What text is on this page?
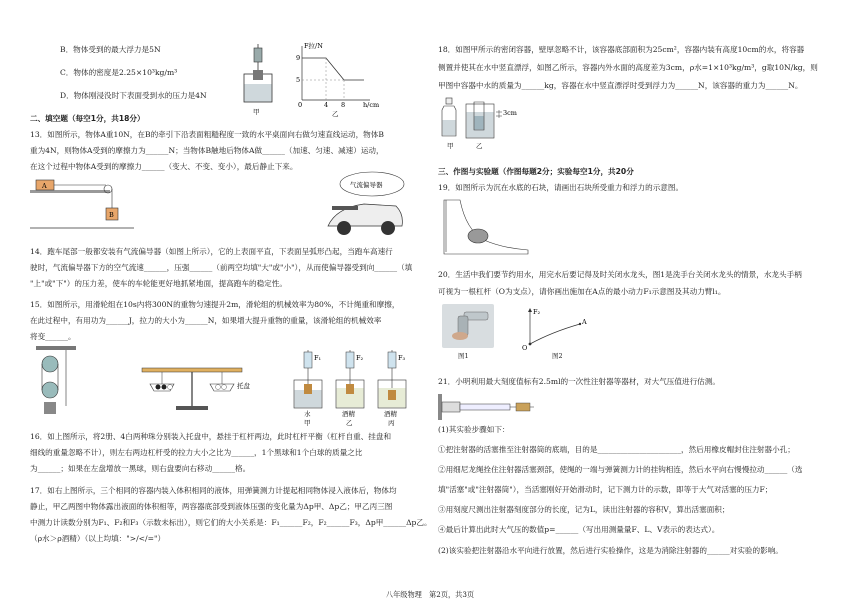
B．物体受到的最大浮力是5N
C．物体的密度是2.25×10³kg/m³
D．物体刚浸没时下表面受到水的压力是4N
甲
F拉/N
9
5
0	4 8	h/cm
乙
二、填空题（每空1分，共18分）
13．如图所示，物体A重10N，在B的牵引下沿表面粗糙程度一致的水平桌面向右做匀速直线运动，物体B
重为4N，则物体A受到的摩擦力为______N；当物体B触地后物体A做______（加速、匀速、减速）运动，
在这个过程中物体A受到的摩擦力______（变大、不变、变小），最后静止下来。
A
B
气流偏导器
14．跑车尾部一般都安装有气流偏导器（如图上所示），它的上表面平直，下表面呈弧形凸起，当跑车高速行
驶时，气流偏导器下方的空气流速______，压强______（前两空均填"大"或"小"），从而使偏导器受到向______（填
"上"或"下"）的压力差，使车的车轮能更好地抓紧地面，提高跑车的稳定性。
15．如图所示，用滑轮组在10s内将300N的重物匀速提升2m，滑轮组的机械效率为80%，不计绳重和摩擦，
在此过程中，有用功为______J，拉力的大小为______N，如果增大提升重物的重量，该滑轮组的机械效率
将变______。
托盘
F₁
水
甲
F₂
酒精
乙
F₃
酒精
丙
16．如上图所示，将2册、4白两种珠分别装入托盘中，悬挂于杠杆两边，此时杠杆平衡（杠杆自重、挂盘和
细线的重量忽略不计），则左右两边杠杆受的拉力大小之比为______，1个黑球和1个白球的质量之比
为______；如果在左盘增放一黑球，则右盘要向右移动______格。
17．如右上图所示，三个相同的容器内装入体积相同的液体，用弹簧测力计提起相同物体浸入液体后，物体均
静止，甲乙两图中物体露出液面的体积相等，两容器底部受到液体压强的变化量为Δp甲、Δp乙；甲乙丙三图
中测力计读数分别为F₁、F₂和F₃（示数未标出），则它们的大小关系是：F₁______F₂，F₂______F₃，Δp甲______Δp乙。
（ρ水＞ρ酒精）（以上均填：">/</="）
18．如图甲所示的密闭容器，壁厚忽略不计，该容器底部面积为25cm²，容器内装有高度10cm的水，将容器
侧置并使其在水中竖直漂浮，如图乙所示，容器内外水面的高度差为3cm，ρ水=1×10³kg/m³，g取10N/kg，则
甲图中容器中水的质量为______kg，容器在水中竖直漂浮时受到浮力为______N，该容器的重力为______N。
甲
3cm
乙
三、作图与实验题（作图每题2分；实验每空1分，共20分
19．如图所示为沉在水底的石块，请画出石块所受重力和浮力的示意图。
20．生活中我们要节约用水，用完水后要记得及时关闭水龙头，图1是洗手台关闭水龙头的情景，水龙头手柄
可视为一根杠杆（O为支点），请你画出施加在A点的最小动力F₁示意图及其动力臂l₁。
图1
F₂
O
A
图2
21．小明利用最大刻度值标有2.5ml的一次性注射器等器材，对大气压值进行估测。
(1)其实验步骤如下：
①把注射器的活塞推至注射器筒的底端，目的是______________________，然后用橡皮帽封住注射器小孔；
②用细尼龙绳拴住注射器活塞颈部，使绳的一端与弹簧测力计的挂钩相连，然后水平向右慢慢拉动______（选
填"活塞"或"注射器筒"），当活塞刚好开始滑动时，记下测力计的示数，即等于大气对活塞的压力F；
③用刻度尺测出注射器刻度部分的长度，记为L，读出注射器的容积V，算出活塞面积；
④最后计算出此时大气压的数值p=______（写出用测量量F、L、V表示的表达式）。
(2)该实验把注射器沿水平向进行放置，然后进行实验操作，这是为消除注射器的______对实验的影响。
八年级物理　第2页，共3页
